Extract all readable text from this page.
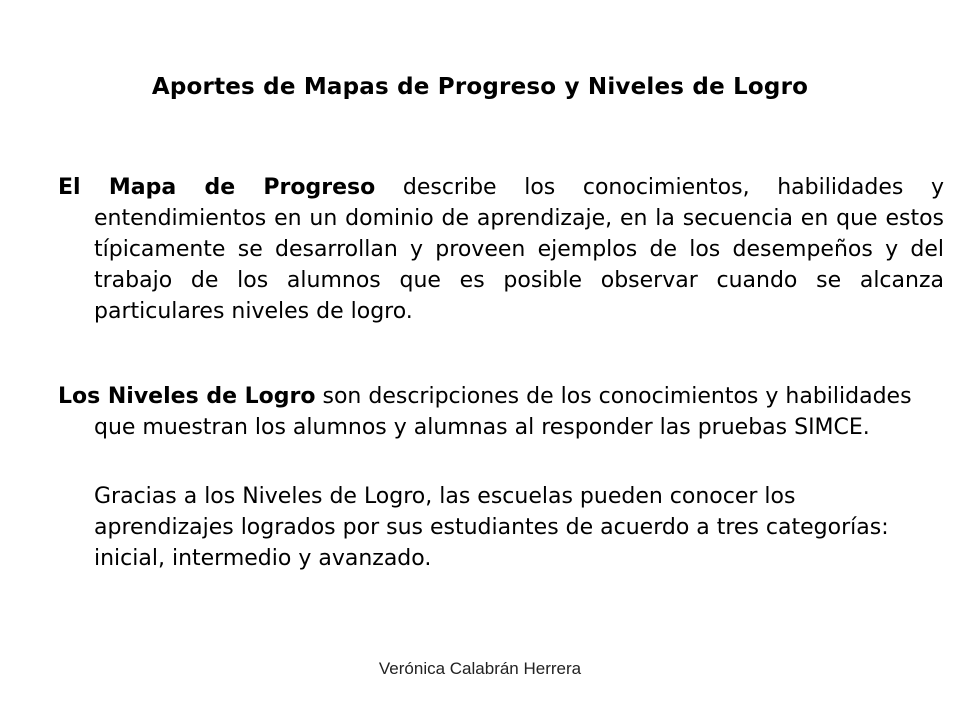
Aportes de Mapas de Progreso y Niveles de Logro
El Mapa de Progreso describe los conocimientos, habilidades y entendimientos en un dominio de aprendizaje, en la secuencia en que estos típicamente se desarrollan y proveen ejemplos de los desempeños y del trabajo de los alumnos que es posible observar cuando se alcanza particulares niveles de logro.
Los Niveles de Logro son descripciones de los conocimientos y habilidades que muestran los alumnos y alumnas al responder las pruebas SIMCE.
Gracias a los Niveles de Logro, las escuelas pueden conocer los aprendizajes logrados por sus estudiantes de acuerdo a tres categorías: inicial, intermedio y avanzado.
Verónica Calabrán Herrera
